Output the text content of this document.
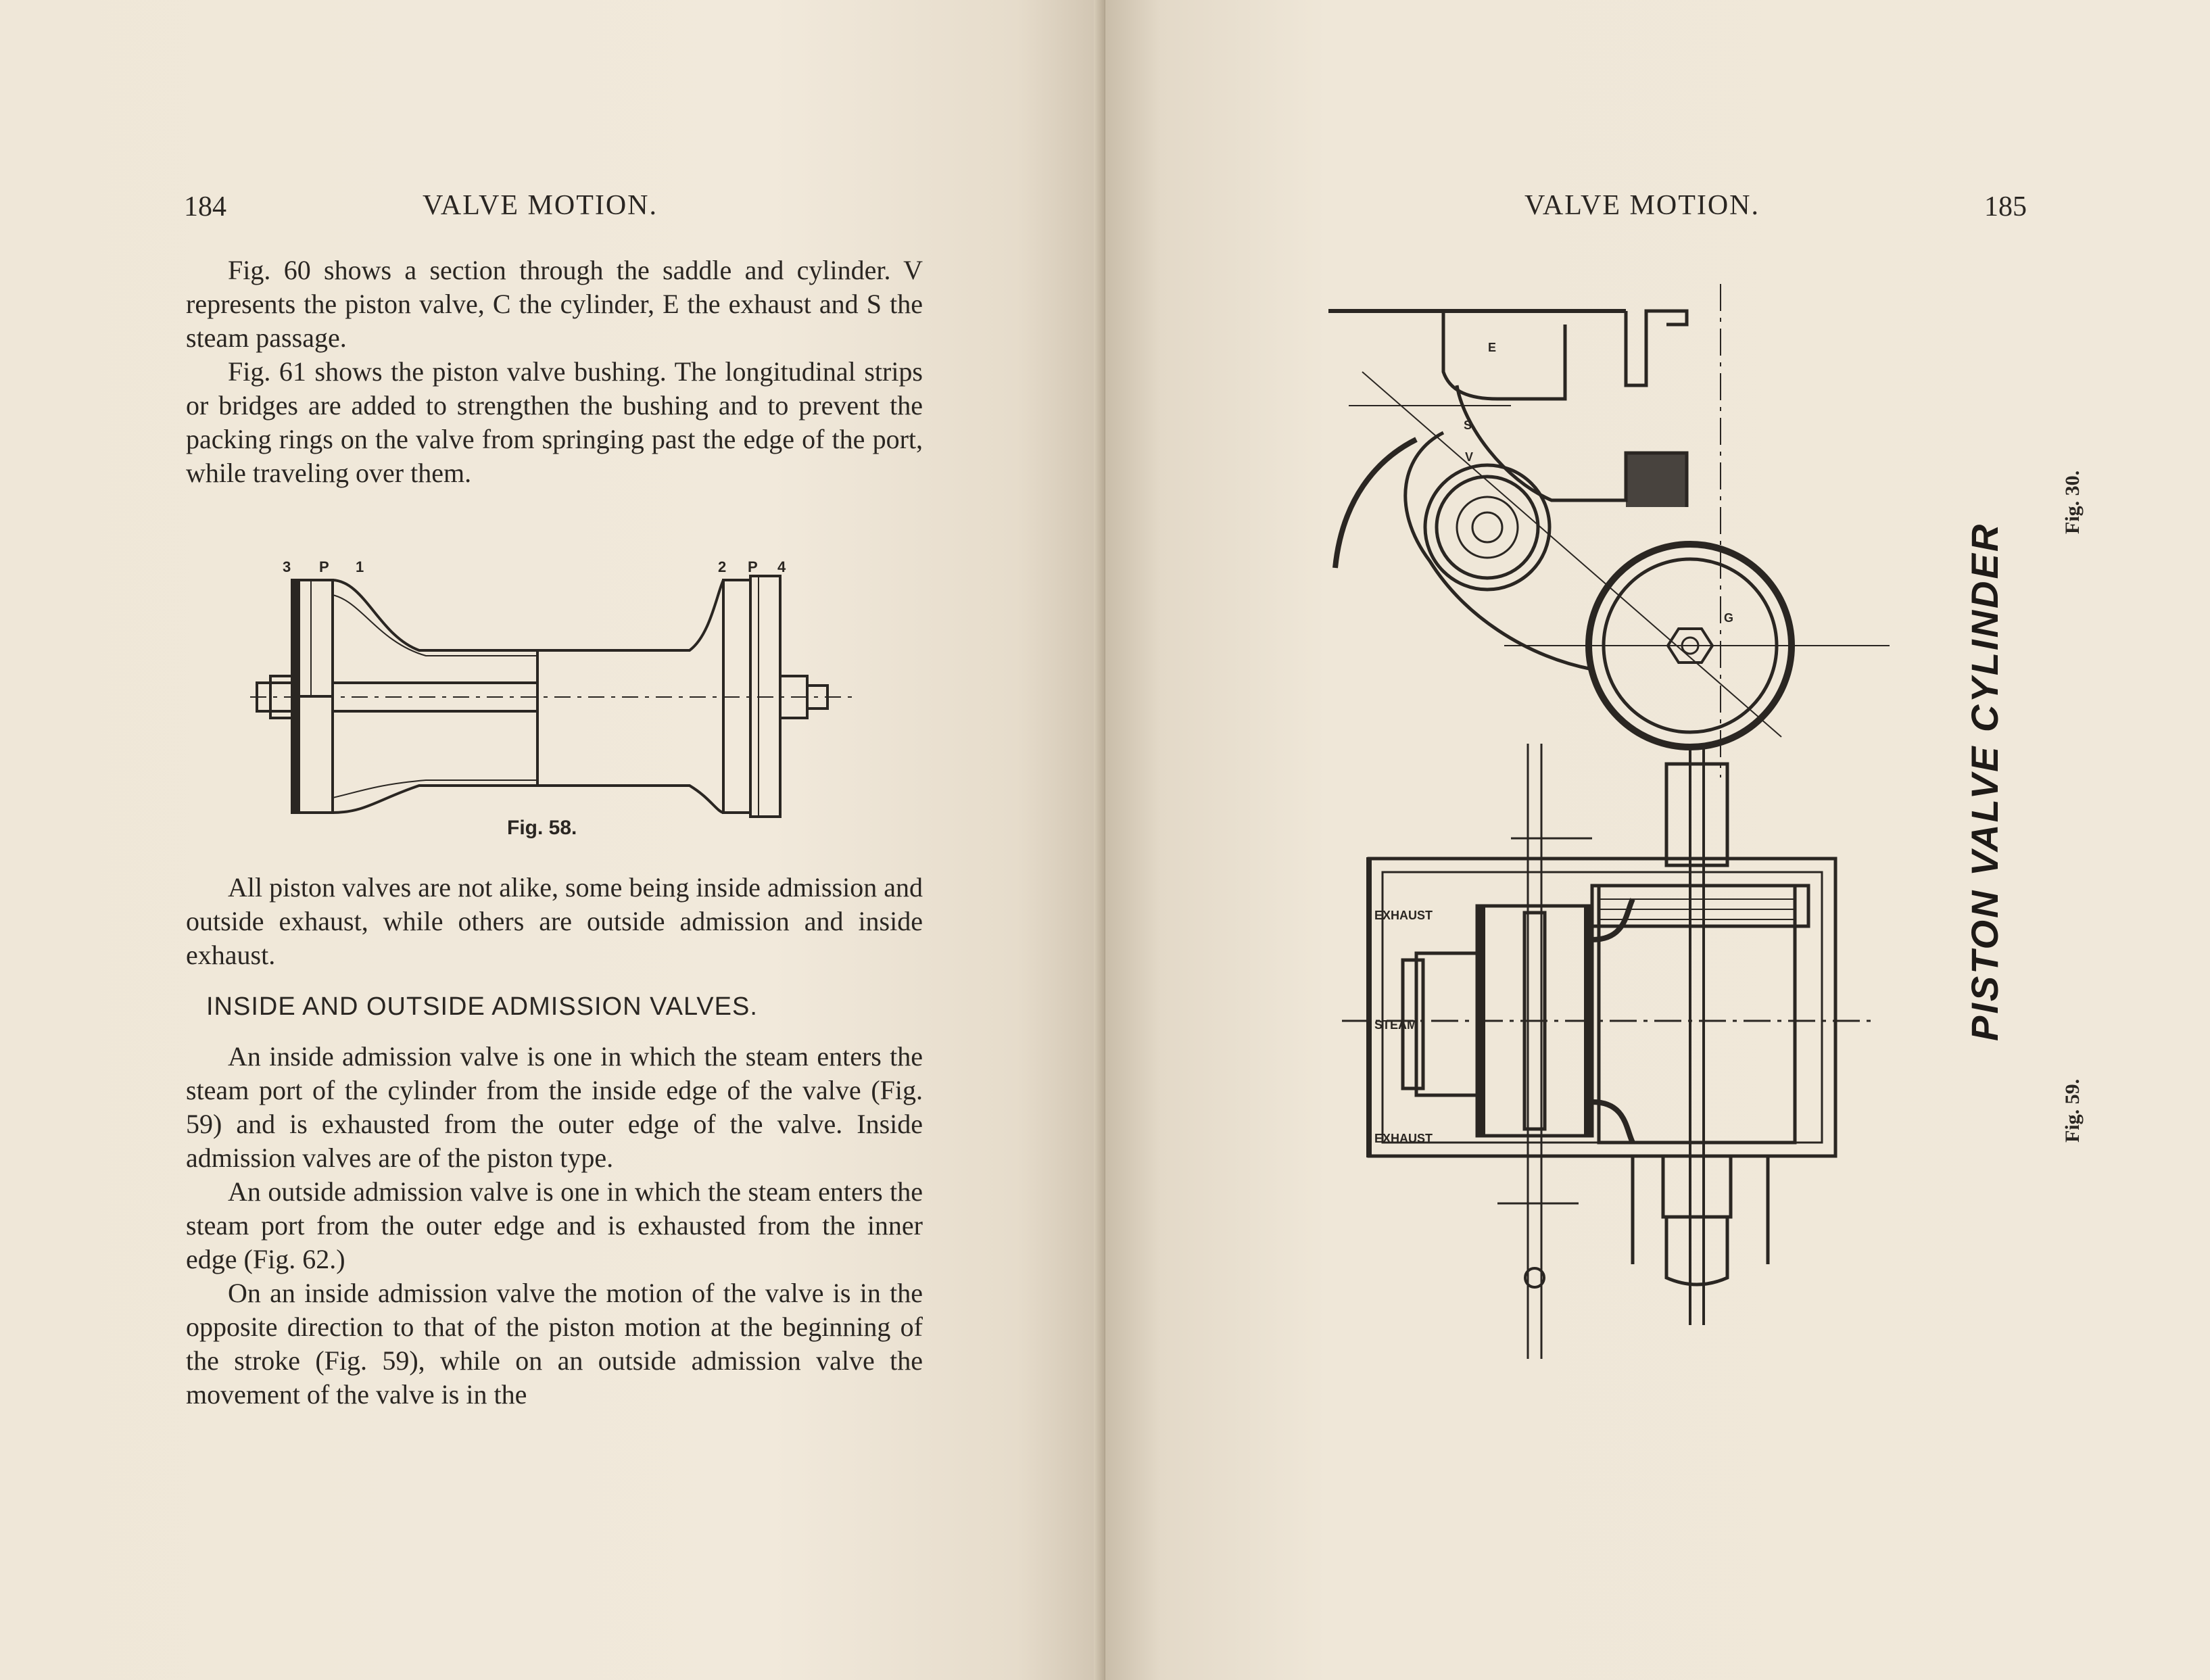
184	VALVE MOTION.

Fig. 60 shows a section through the saddle and cylinder. V represents the piston valve, C the cylinder, E the exhaust and S the steam passage.

Fig. 61 shows the piston valve bushing. The longitudinal strips or bridges are added to strengthen the bushing and to prevent the packing rings on the valve from springing past the edge of the port, while traveling over them.

3 P 1	2 P 4
Fig. 58.

All piston valves are not alike, some being inside admission and outside exhaust, while others are outside admission and inside exhaust.

INSIDE AND OUTSIDE ADMISSION VALVES.

An inside admission valve is one in which the steam enters the steam port of the cylinder from the inside edge of the valve (Fig. 59) and is exhausted from the outer edge of the valve. Inside admission valves are of the piston type.

An outside admission valve is one in which the steam enters the steam port from the outer edge and is exhausted from the inner edge (Fig. 62.)

On an inside admission valve the motion of the valve is in the opposite direction to that of the piston motion at the beginning of the stroke (Fig. 59), while on an outside admission valve the movement of the valve is in the

VALVE MOTION.	185
EXHAUST
STEAM
EXHAUST
E
S
V
G	PISTON VALVE CYLINDER
Fig. 30.
Fig. 59.
